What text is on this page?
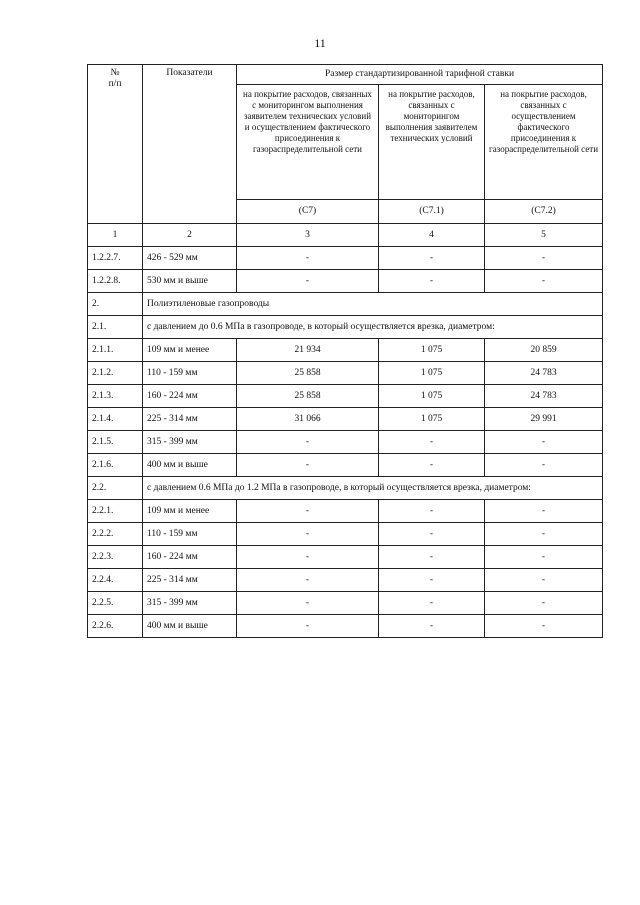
11
№
п/п	Показатели	Размер стандартизированной тарифной ставки		
		на покрытие расходов, связанных с мониторингом выполнения заявителем технических условий и осуществлением фактического присоединения к газораспределительной сети	на покрытие расходов, связанных с мониторингом выполнения заявителем технических условий	на покрытие расходов, связанных с осуществлением фактического присоединения к газораспределительной сети
		(С7)	(С7.1)	(С7.2)
1	2	3	4	5
1.2.2.7.	426 - 529 мм	-	-	-
1.2.2.8.	530 мм и выше	-	-	-
2.	Полиэтиленовые газопроводы			
2.1.	с давлением до 0.6 МПа в газопроводе, в который осуществляется врезка, диаметром:			
2.1.1.	109 мм и менее	21 934	1 075	20 859
2.1.2.	110 - 159 мм	25 858	1 075	24 783
2.1.3.	160 - 224 мм	25 858	1 075	24 783
2.1.4.	225 - 314 мм	31 066	1 075	29 991
2.1.5.	315 - 399 мм	-	-	-
2.1.6.	400 мм и выше	-	-	-
2.2.	с давлением 0.6 МПа до 1.2 МПа в газопроводе, в который осуществляется врезка, диаметром:			
2.2.1.	109 мм и менее	-	-	-
2.2.2.	110 - 159 мм	-	-	-
2.2.3.	160 - 224 мм	-	-	-
2.2.4.	225 - 314 мм	-	-	-
2.2.5.	315 - 399 мм	-	-	-
2.2.6.	400 мм и выше	-	-	-
